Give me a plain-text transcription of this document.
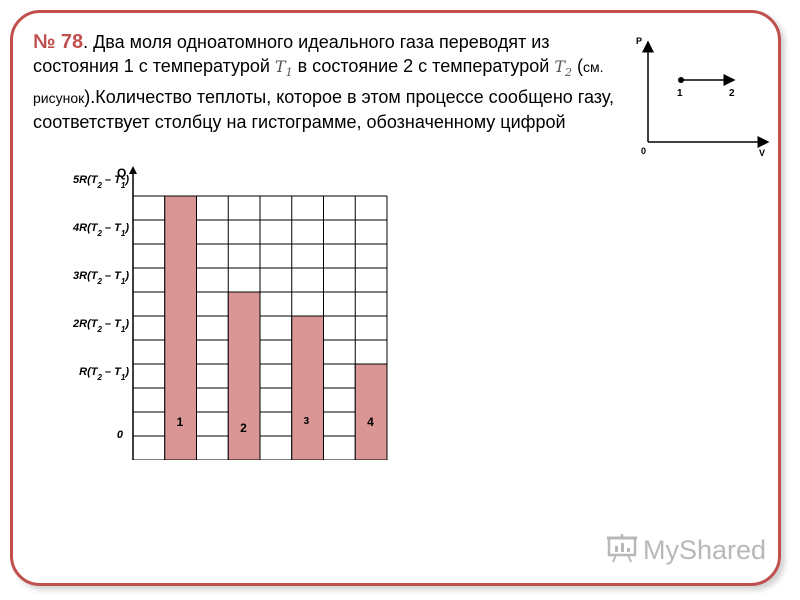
№ 78. Два моля одноатомного идеального газа переводят из состояния 1 с температурой $T_1$ в состояние 2 с температурой $T_2$ (см. рисунок).Количество теплоты, которое в этом процессе сообщено газу, соответствует столбцу на гистограмме, обозначенному цифрой
P
V
0
1	2
1	2	3	4
0
$R(T_2 - T_1)$
$2R(T_2 - T_1)$
$3R(T_2 - T_1)$
$4R(T_2 - T_1)$
$5R(T_2 - T_1)$
Q
MyShared
